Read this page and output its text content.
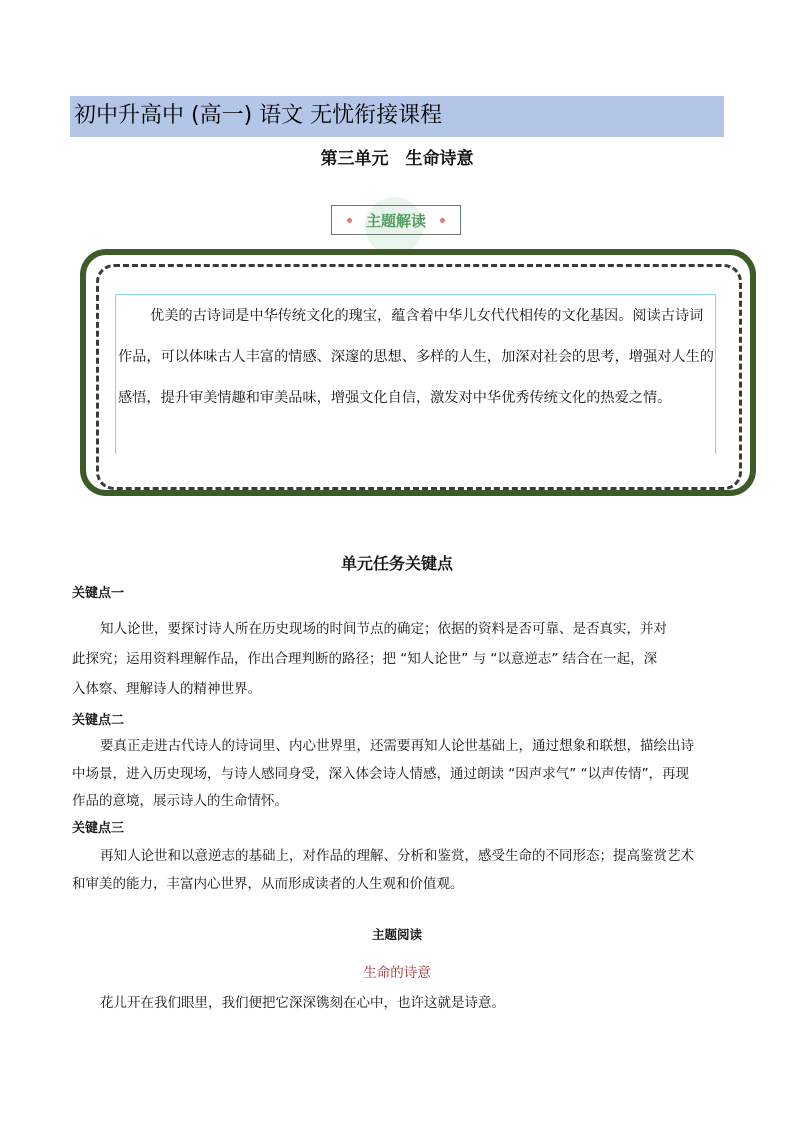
初中升高中 (高一) 语文 无忧衔接课程
第三单元　生命诗意
主题解读
优美的古诗词是中华传统文化的瑰宝，蕴含着中华儿女代代相传的文化基因。阅读古诗词作品，可以体味古人丰富的情感、深邃的思想、多样的人生，加深对社会的思考，增强对人生的感悟，提升审美情趣和审美品味，增强文化自信，激发对中华优秀传统文化的热爱之情。
单元任务关键点
关键点一
知人论世，要探讨诗人所在历史现场的时间节点的确定；依据的资料是否可靠、是否真实，并对
此探究；运用资料理解作品，作出合理判断的路径；把 “知人论世” 与 “以意逆志” 结合在一起，深
入体察、理解诗人的精神世界。
关键点二
要真正走进古代诗人的诗词里、内心世界里，还需要再知人论世基础上，通过想象和联想，描绘出诗
中场景，进入历史现场，与诗人感同身受，深入体会诗人情感，通过朗读 “因声求气” “以声传情”，再现
作品的意境，展示诗人的生命情怀。
关键点三
再知人论世和以意逆志的基础上，对作品的理解、分析和鉴赏，感受生命的不同形态；提高鉴赏艺术
和审美的能力，丰富内心世界，从而形成读者的人生观和价值观。
主题阅读
生命的诗意
花儿开在我们眼里，我们便把它深深镌刻在心中，也许这就是诗意。
